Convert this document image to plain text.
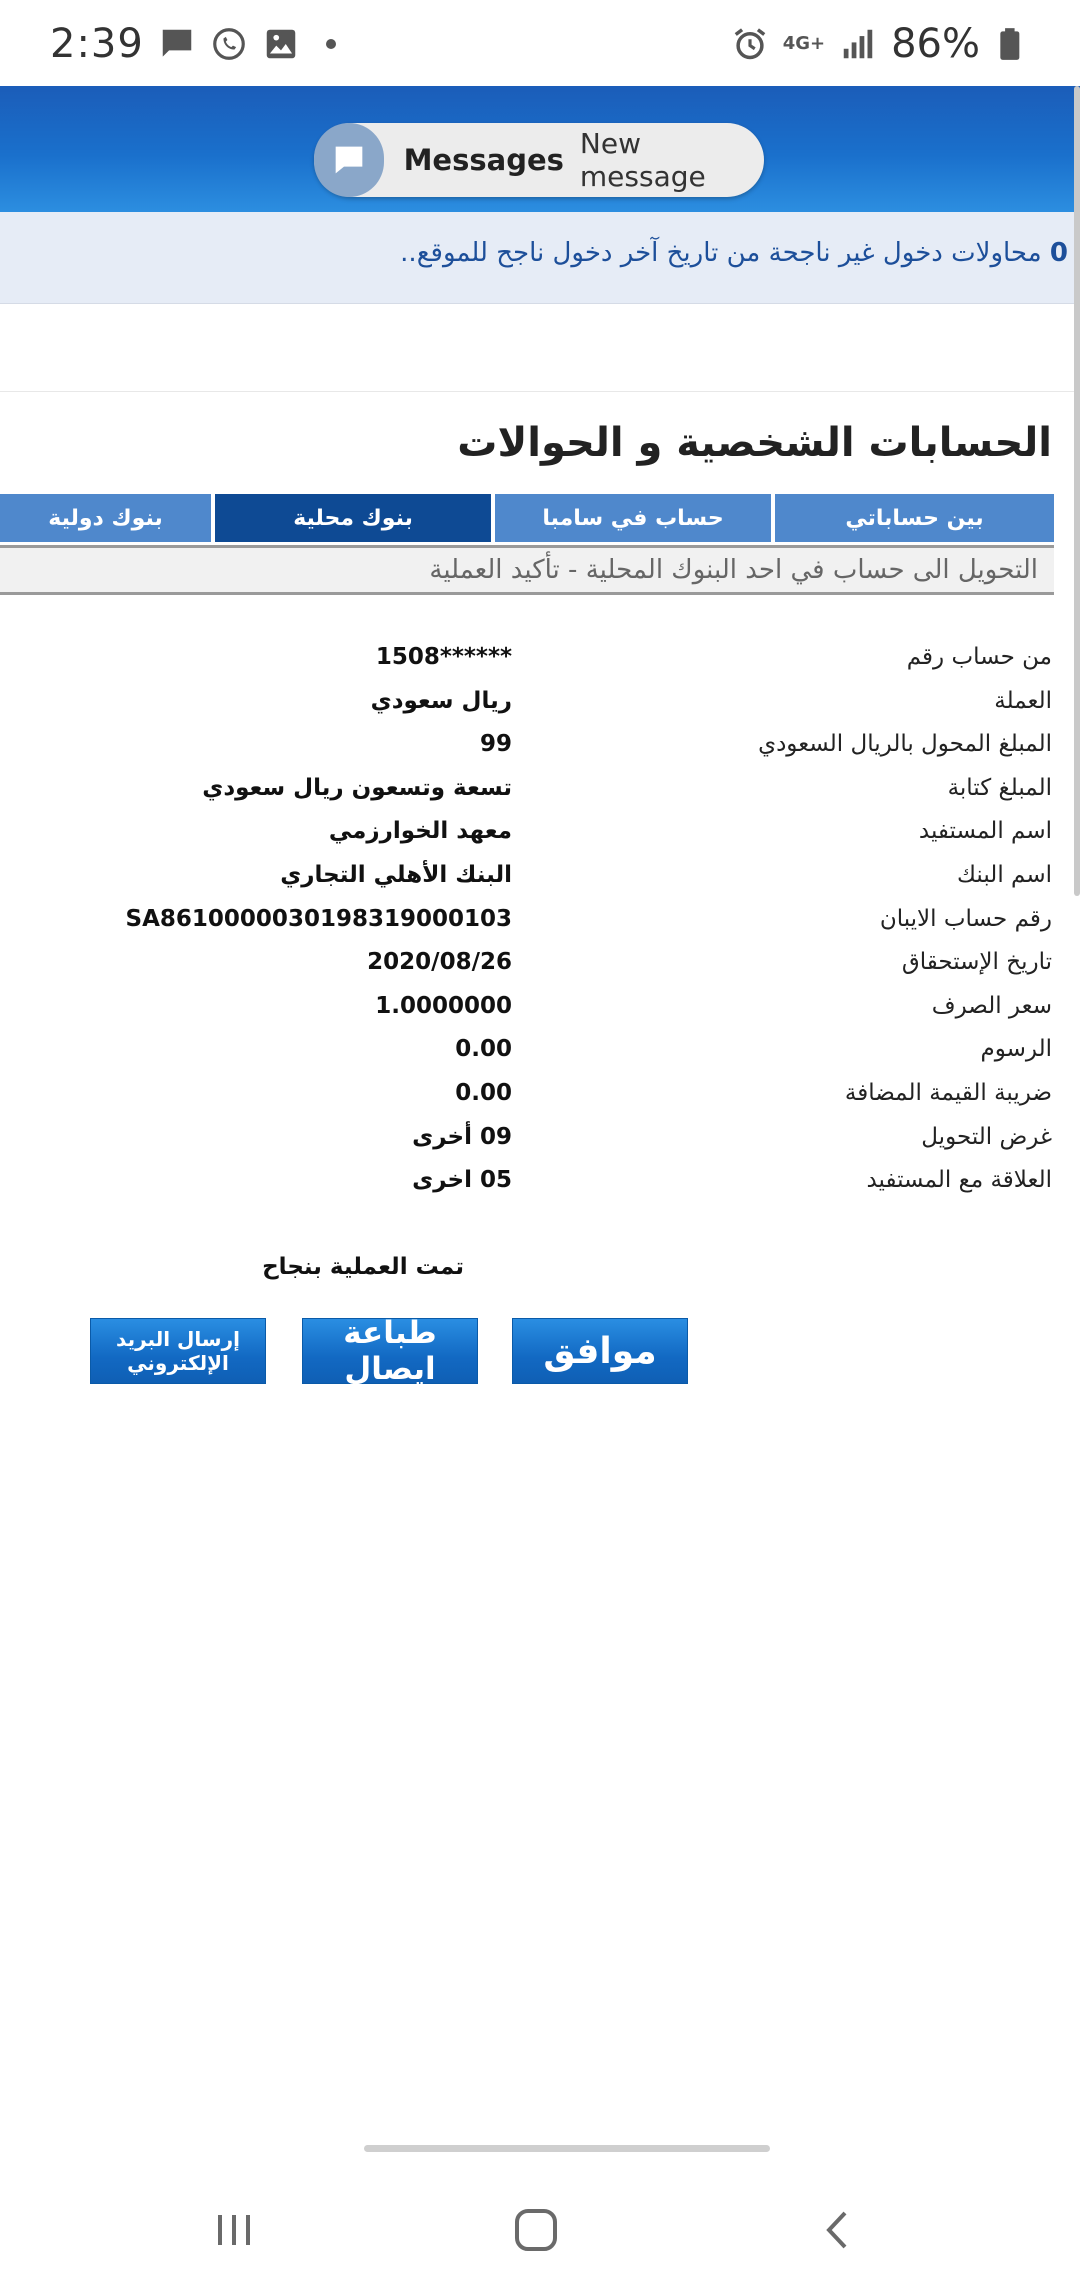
2:39	4G+ 86%
Messages New message
0 محاولات دخول غير ناجحة من تاريخ آخر دخول ناجح للموقع..
الحسابات الشخصية و الحوالات
بين حساباتي
حساب في سامبا
بنوك محلية
بنوك دولية
التحويل الى حساب في احد البنوك المحلية - تأكيد العملية
من حساب رقم
******1508
العملة
ريال سعودي
المبلغ المحول بالريال السعودي
99
المبلغ كتابة
تسعة وتسعون ريال سعودي
اسم المستفيد
معهد الخوارزمي
اسم البنك
البنك الأهلي التجاري
رقم حساب الايبان
SA8610000030198319000103
تاريخ الإستحقاق
2020/08/26
سعر الصرف
1.0000000
الرسوم
0.00
ضريبة القيمة المضافة
0.00
غرض التحويل
09 أخرى
العلاقة مع المستفيد
05 اخرى
تمت العملية بنجاح
موافق
طباعة ايصال
إرسال البريد الإلكتروني
